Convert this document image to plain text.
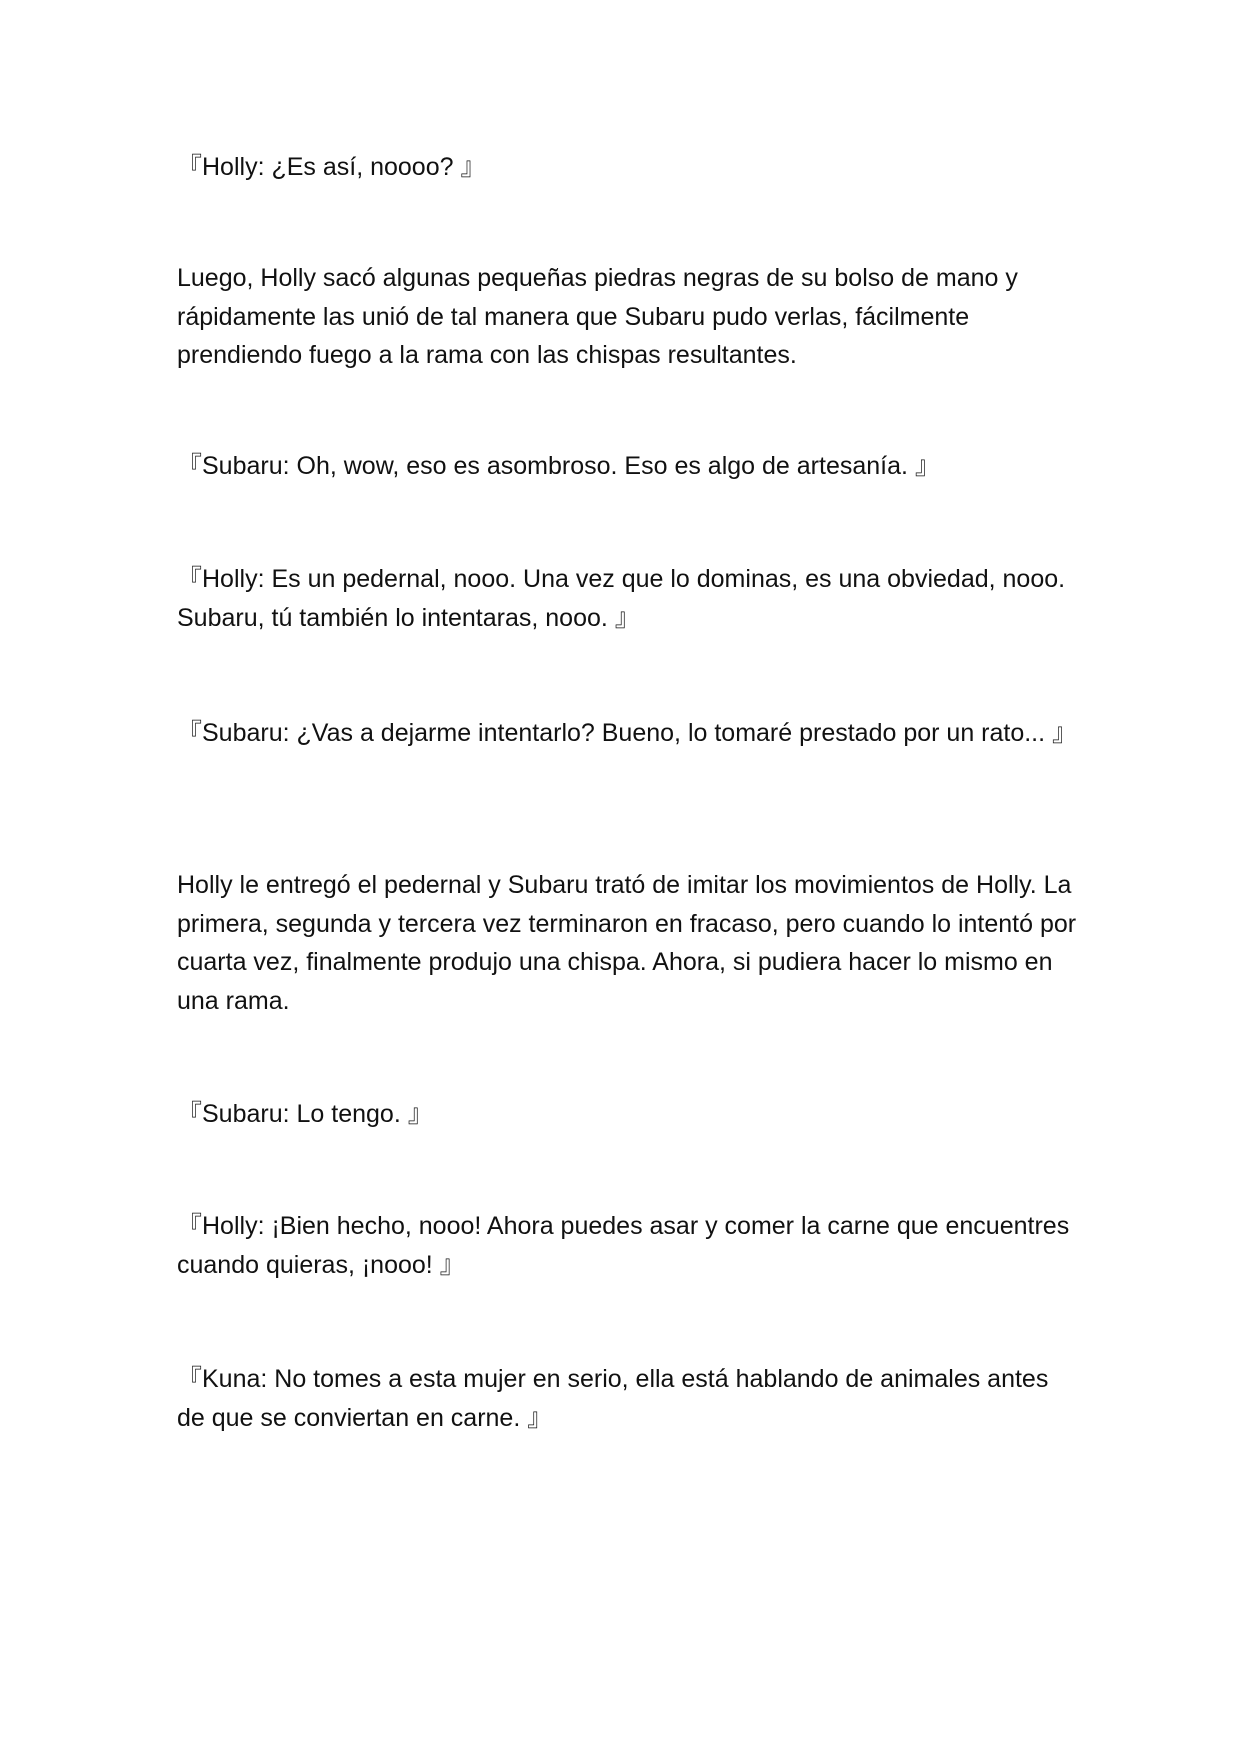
『Holly: ¿Es así, noooo? 』

Luego, Holly sacó algunas pequeñas piedras negras de su bolso de mano y rápidamente las unió de tal manera que Subaru pudo verlas, fácilmente prendiendo fuego a la rama con las chispas resultantes.

『Subaru: Oh, wow, eso es asombroso. Eso es algo de artesanía. 』

『Holly: Es un pedernal, nooo. Una vez que lo dominas, es una obviedad, nooo. Subaru, tú también lo intentaras, nooo. 』

『Subaru: ¿Vas a dejarme intentarlo? Bueno, lo tomaré prestado por un rato... 』

Holly le entregó el pedernal y Subaru trató de imitar los movimientos de Holly. La primera, segunda y tercera vez terminaron en fracaso, pero cuando lo intentó por cuarta vez, finalmente produjo una chispa. Ahora, si pudiera hacer lo mismo en una rama.

『Subaru: Lo tengo. 』

『Holly: ¡Bien hecho, nooo! Ahora puedes asar y comer la carne que encuentres cuando quieras, ¡nooo! 』

『Kuna: No tomes a esta mujer en serio, ella está hablando de animales antes de que se conviertan en carne. 』
